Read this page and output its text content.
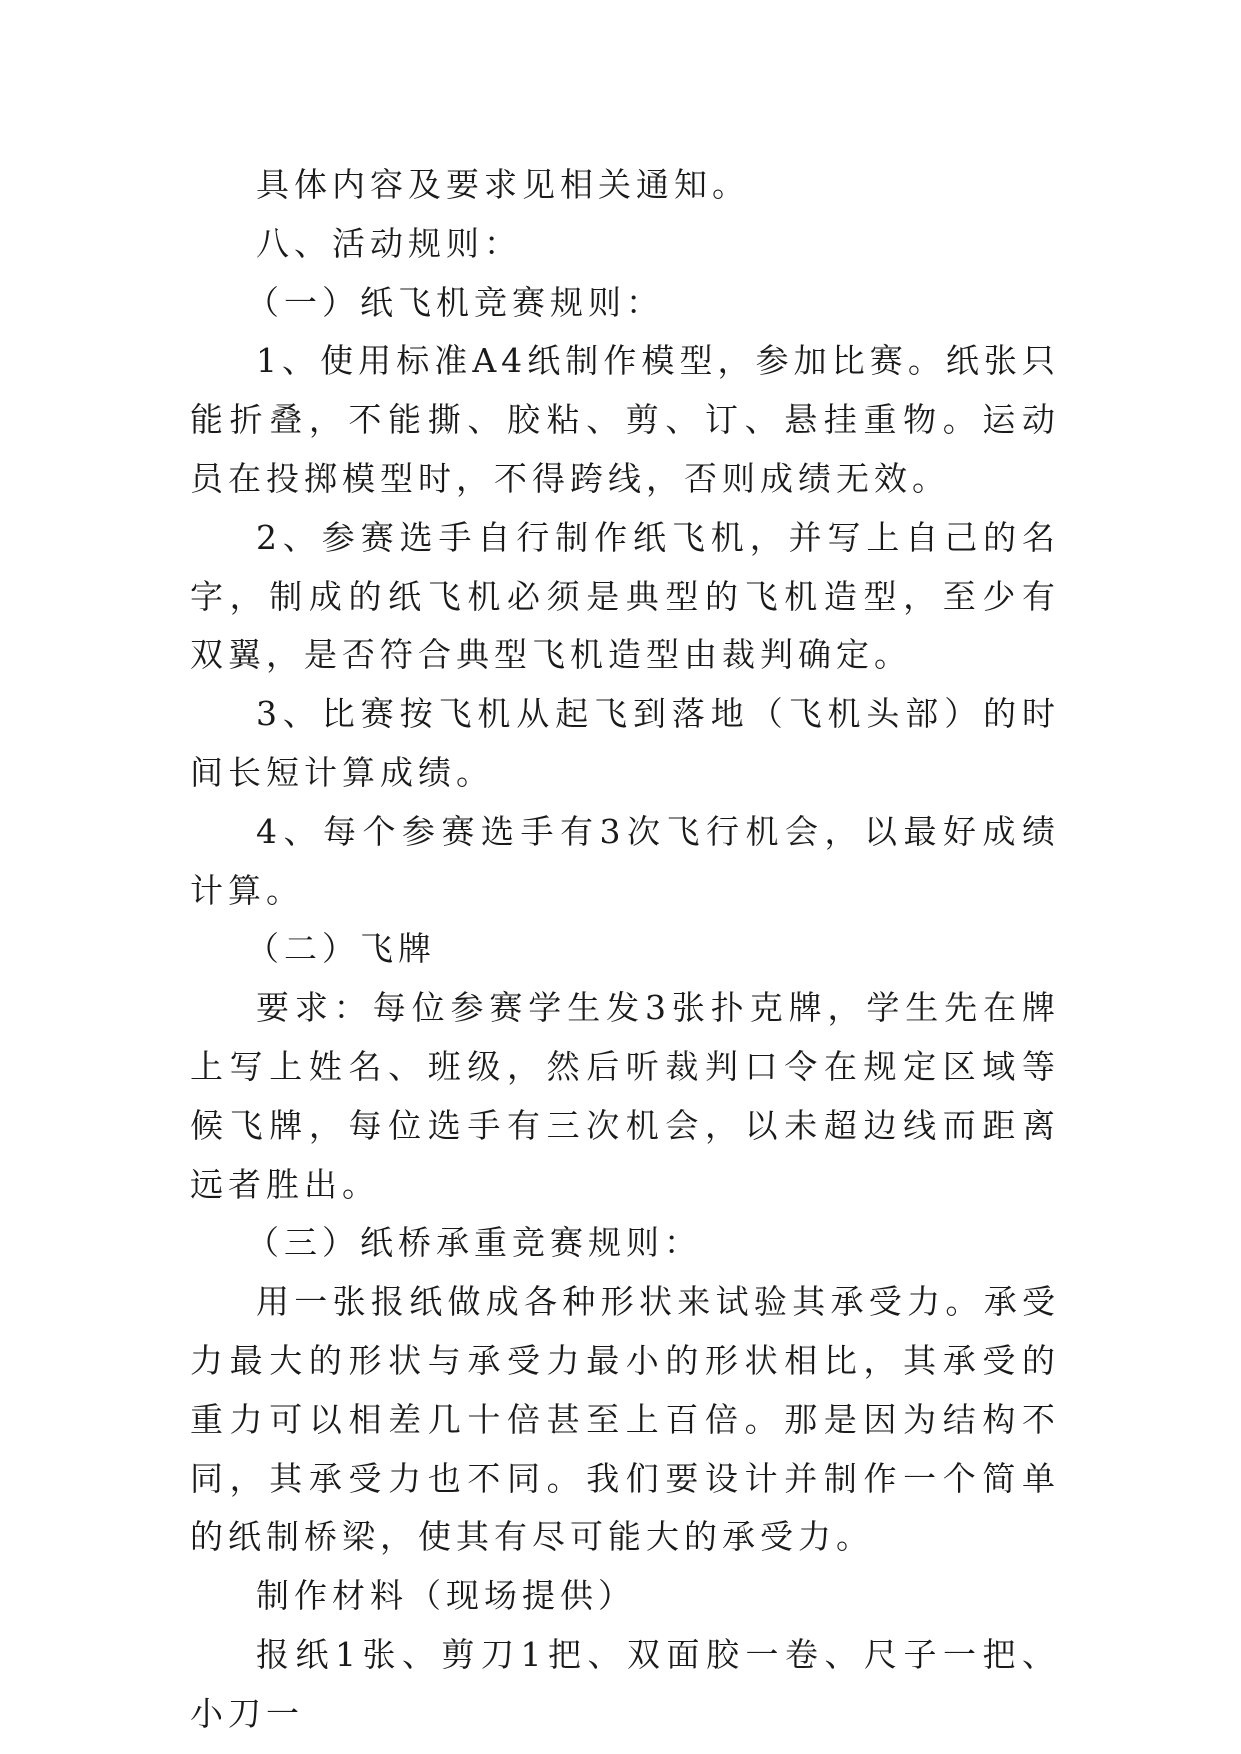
具体内容及要求见相关通知。

八、活动规则：

（一）纸飞机竞赛规则：

1、使用标准A4纸制作模型，参加比赛。纸张只能折叠，不能撕、胶粘、剪、订、悬挂重物。运动员在投掷模型时，不得跨线，否则成绩无效。

2、参赛选手自行制作纸飞机，并写上自己的名字，制成的纸飞机必须是典型的飞机造型，至少有双翼，是否符合典型飞机造型由裁判确定。

3、比赛按飞机从起飞到落地（飞机头部）的时间长短计算成绩。

4、每个参赛选手有3次飞行机会，以最好成绩计算。

（二）飞牌

要求：每位参赛学生发3张扑克牌，学生先在牌上写上姓名、班级，然后听裁判口令在规定区域等候飞牌，每位选手有三次机会，以未超边线而距离远者胜出。

（三）纸桥承重竞赛规则：

用一张报纸做成各种形状来试验其承受力。承受力最大的形状与承受力最小的形状相比，其承受的重力可以相差几十倍甚至上百倍。那是因为结构不同，其承受力也不同。我们要设计并制作一个简单的纸制桥梁，使其有尽可能大的承受力。

制作材料（现场提供）

报纸1张、剪刀1把、双面胶一卷、尺子一把、小刀一
